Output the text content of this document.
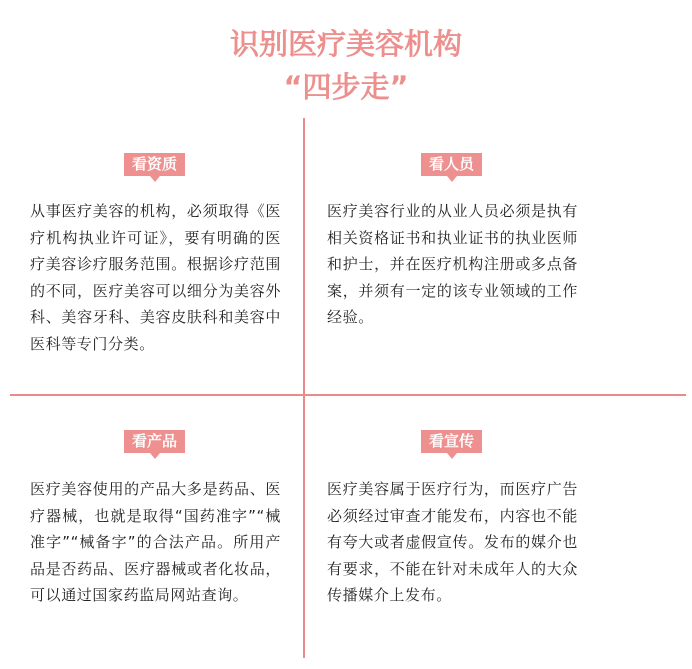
识别医疗美容机构
“四步走”
看资质
从事医疗美容的机构，必须取得《医疗机构执业许可证》，要有明确的医疗美容诊疗服务范围。根据诊疗范围的不同，医疗美容可以细分为美容外科、美容牙科、美容皮肤科和美容中医科等专门分类。
看人员
医疗美容行业的从业人员必须是执有相关资格证书和执业证书的执业医师和护士，并在医疗机构注册或多点备案，并须有一定的该专业领域的工作经验。
看产品
医疗美容使用的产品大多是药品、医疗器械，也就是取得“国药准字”“械准字”“械备字”的合法产品。所用产品是否药品、医疗器械或者化妆品，可以通过国家药监局网站查询。
看宣传
医疗美容属于医疗行为，而医疗广告必须经过审查才能发布，内容也不能有夸大或者虚假宣传。发布的媒介也有要求，不能在针对未成年人的大众传播媒介上发布。
